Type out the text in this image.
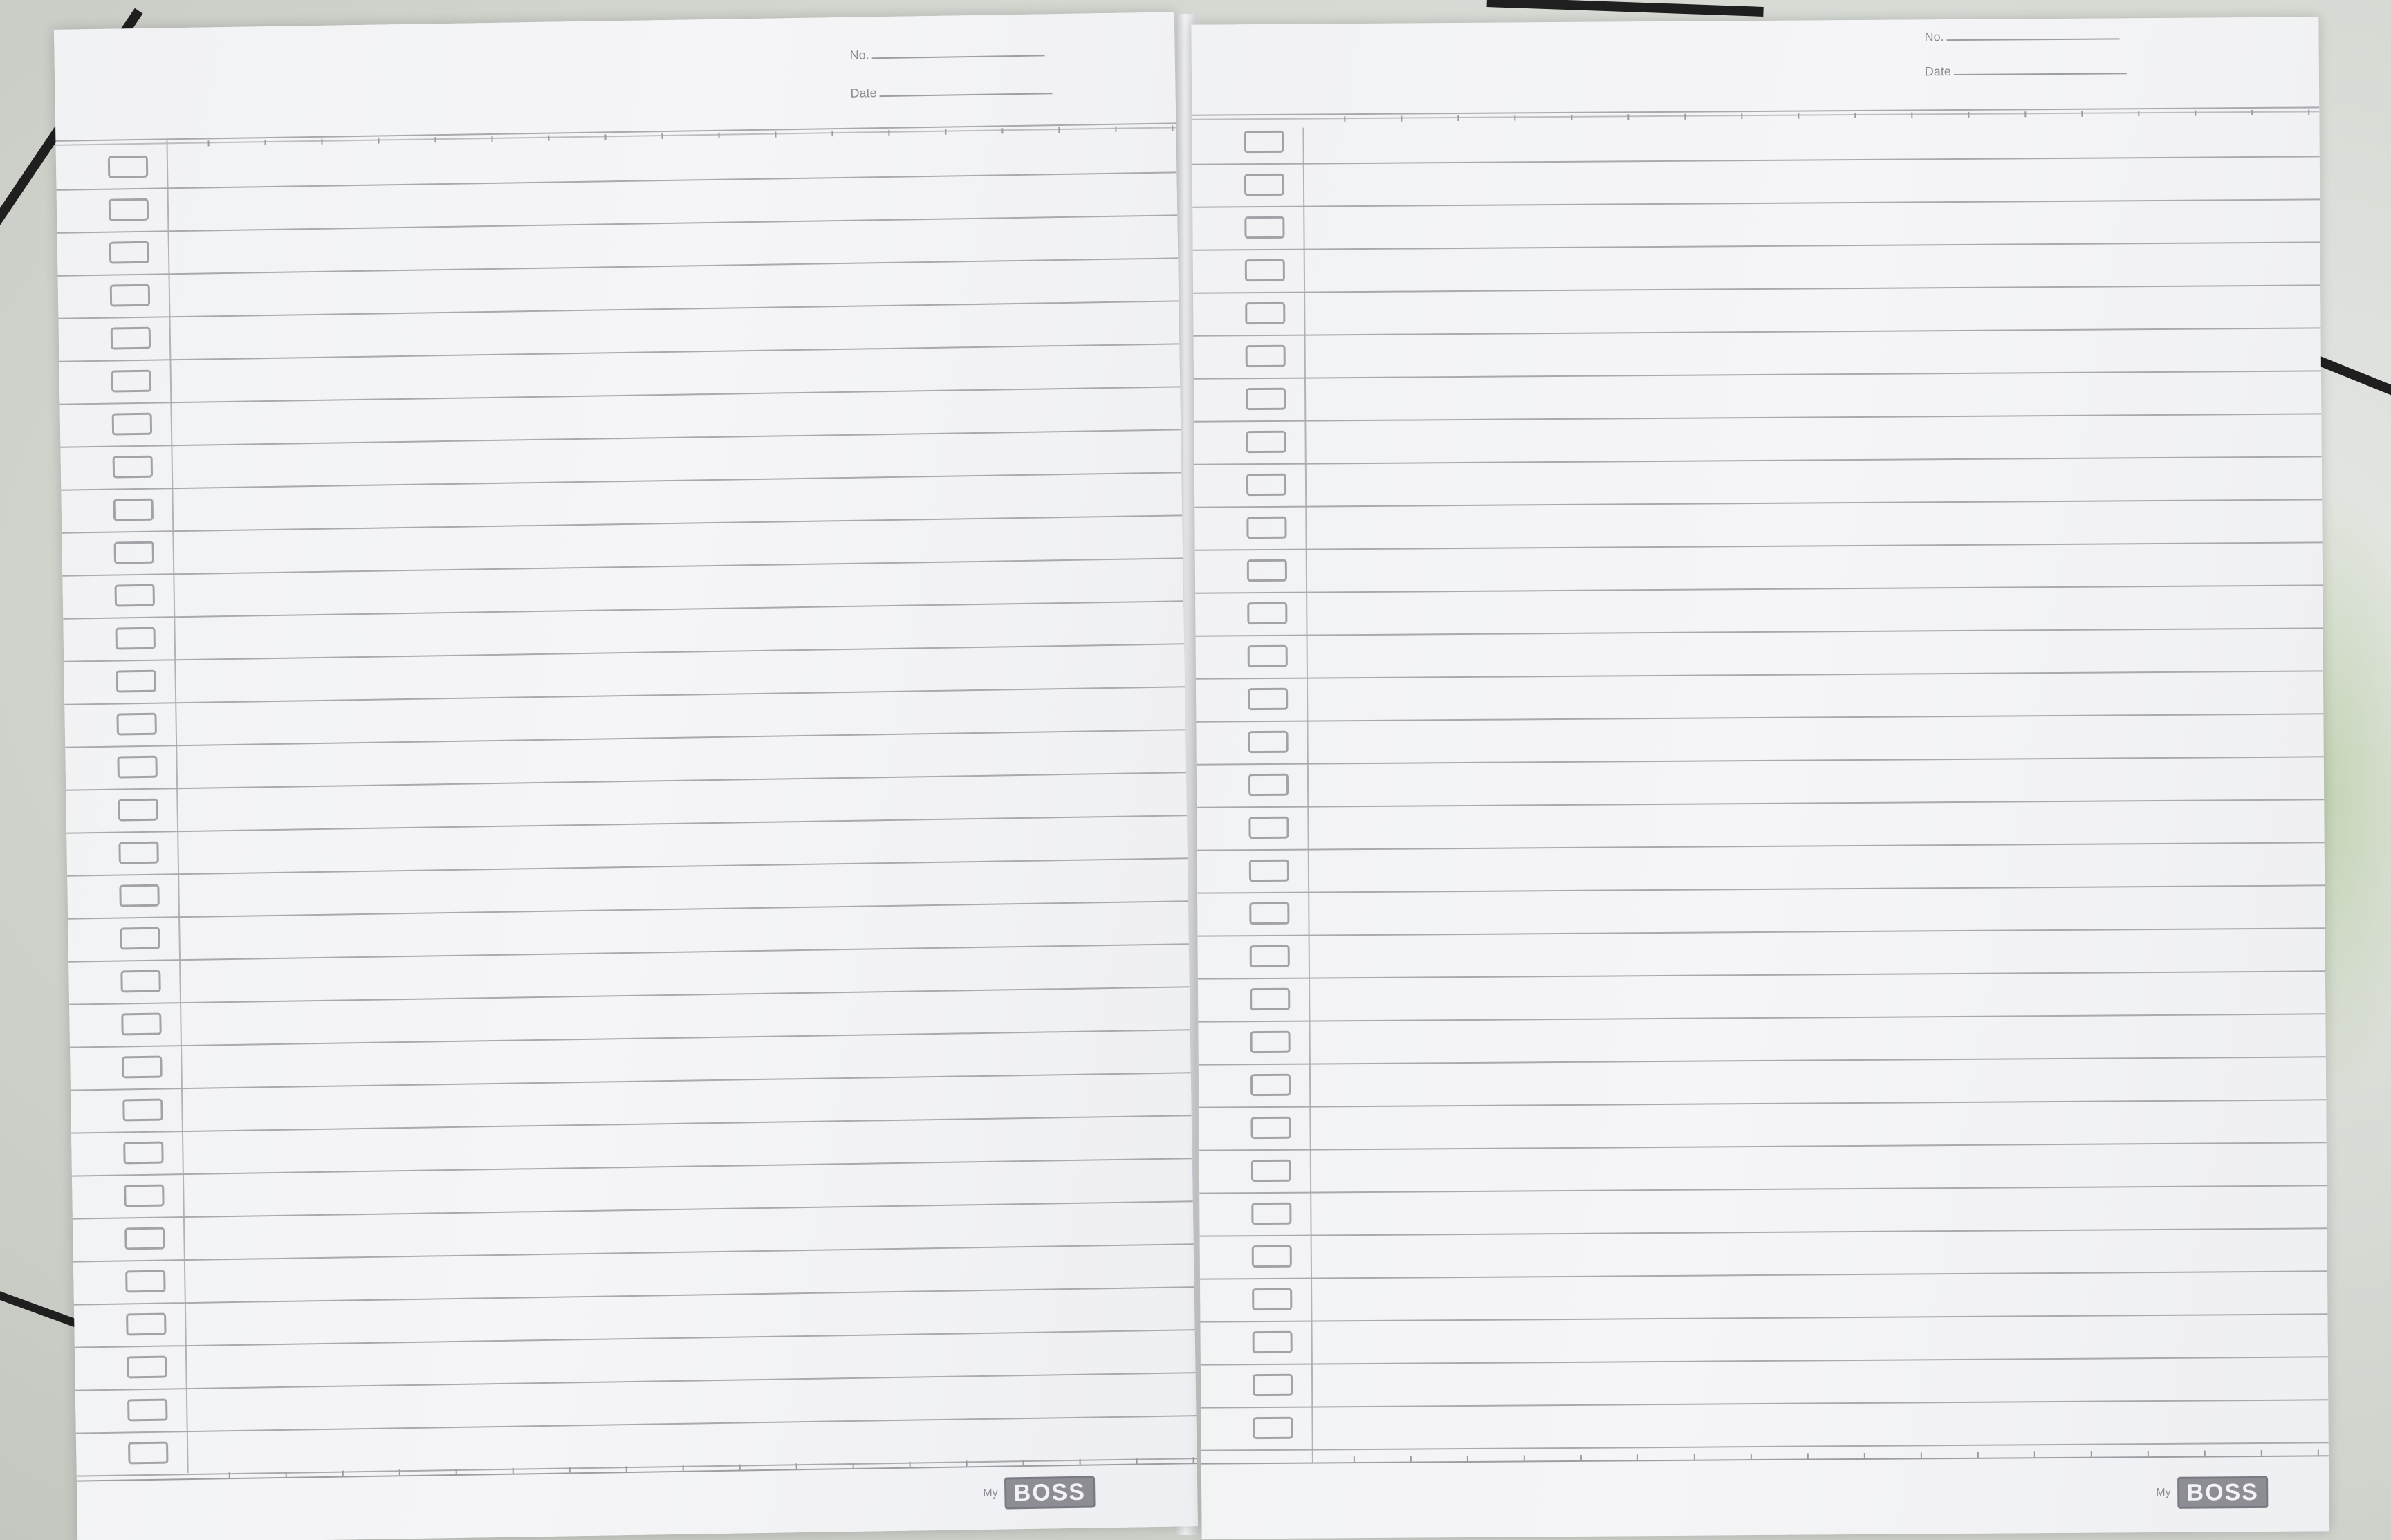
No.
Date
My BOSS
No.
Date
My BOSS
